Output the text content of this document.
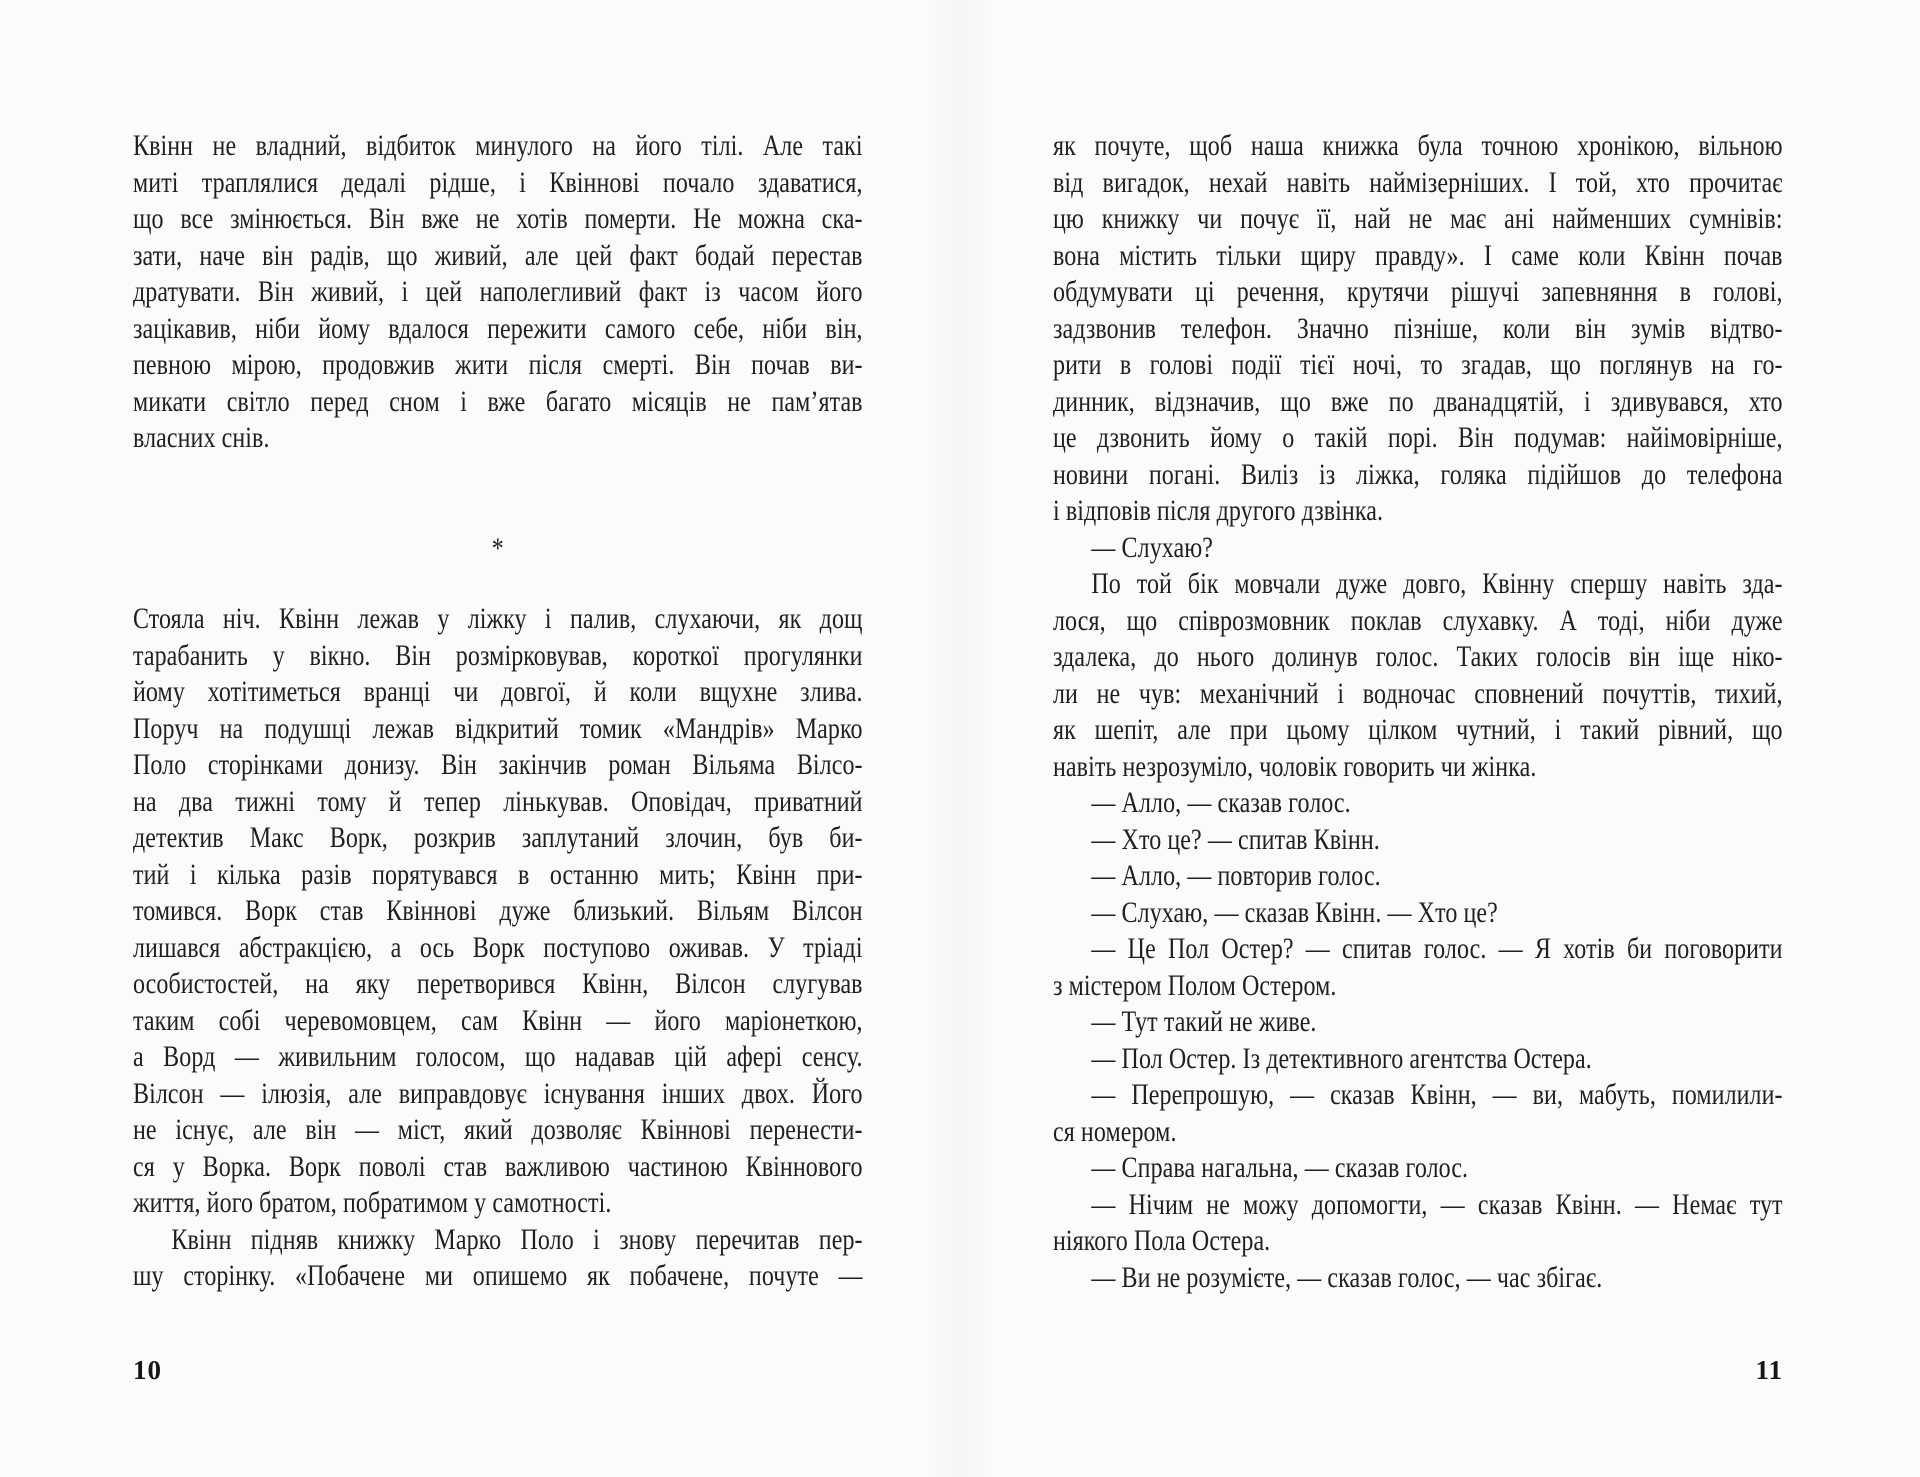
Квінн не владний, відбиток минулого на його тілі. Але такі
миті траплялися дедалі рідше, і Квіннові почало здаватися,
що все змінюється. Він вже не хотів померти. Не можна ска-
зати, наче він радів, що живий, але цей факт бодай перестав
дратувати. Він живий, і цей наполегливий факт із часом його
зацікавив, ніби йому вдалося пережити самого себе, ніби він,
певною мірою, продовжив жити після смерті. Він почав ви-
микати світло перед сном і вже багато місяців не пам’ятав
власних снів.
*
Стояла ніч. Квінн лежав у ліжку і палив, слухаючи, як дощ
тарабанить у вікно. Він розмірковував, короткої прогулянки
йому хотітиметься вранці чи довгої, й коли вщухне злива.
Поруч на подушці лежав відкритий томик «Мандрів» Марко
Поло сторінками донизу. Він закінчив роман Вільяма Вілсо-
на два тижні тому й тепер лінькував. Оповідач, приватний
детектив Макс Ворк, розкрив заплутаний злочин, був би-
тий і кілька разів порятувався в останню мить; Квінн при-
томився. Ворк став Квіннові дуже близький. Вільям Вілсон
лишався абстракцією, а ось Ворк поступово оживав. У тріаді
особистостей, на яку перетворився Квінн, Вілсон слугував
таким собі черевомовцем, сам Квінн — його маріонеткою,
а Ворд — живильним голосом, що надавав цій афері сенсу.
Вілсон — ілюзія, але виправдовує існування інших двох. Його
не існує, але він — міст, який дозволяє Квіннові перенести-
ся у Ворка. Ворк поволі став важливою частиною Квіннового
життя, його братом, побратимом у самотності.
Квінн підняв книжку Марко Поло і знову перечитав пер-
шу сторінку. «Побачене ми опишемо як побачене, почуте —
10
як почуте, щоб наша книжка була точною хронікою, вільною
від вигадок, нехай навіть наймізерніших. І той, хто прочитає
цю книжку чи почує її, най не має ані найменших сумнівів:
вона містить тільки щиру правду». І саме коли Квінн почав
обдумувати ці речення, крутячи рішучі запевняння в голові,
задзвонив телефон. Значно пізніше, коли він зумів відтво-
рити в голові події тієї ночі, то згадав, що поглянув на го-
динник, відзначив, що вже по дванадцятій, і здивувався, хто
це дзвонить йому о такій порі. Він подумав: найімовірніше,
новини погані. Виліз із ліжка, голяка підійшов до телефона
і відповів після другого дзвінка.
— Слухаю?
По той бік мовчали дуже довго, Квінну спершу навіть зда-
лося, що співрозмовник поклав слухавку. А тоді, ніби дуже
здалека, до нього долинув голос. Таких голосів він іще ніко-
ли не чув: механічний і водночас сповнений почуттів, тихий,
як шепіт, але при цьому цілком чутний, і такий рівний, що
навіть незрозуміло, чоловік говорить чи жінка.
— Алло, — сказав голос.
— Хто це? — спитав Квінн.
— Алло, — повторив голос.
— Слухаю, — сказав Квінн. — Хто це?
— Це Пол Остер? — спитав голос. — Я хотів би поговорити
з містером Полом Остером.
— Тут такий не живе.
— Пол Остер. Із детективного агентства Остера.
— Перепрошую, — сказав Квінн, — ви, мабуть, помилили-
ся номером.
— Справа нагальна, — сказав голос.
— Нічим не можу допомогти, — сказав Квінн. — Немає тут
ніякого Пола Остера.
— Ви не розумієте, — сказав голос, — час збігає.
11
